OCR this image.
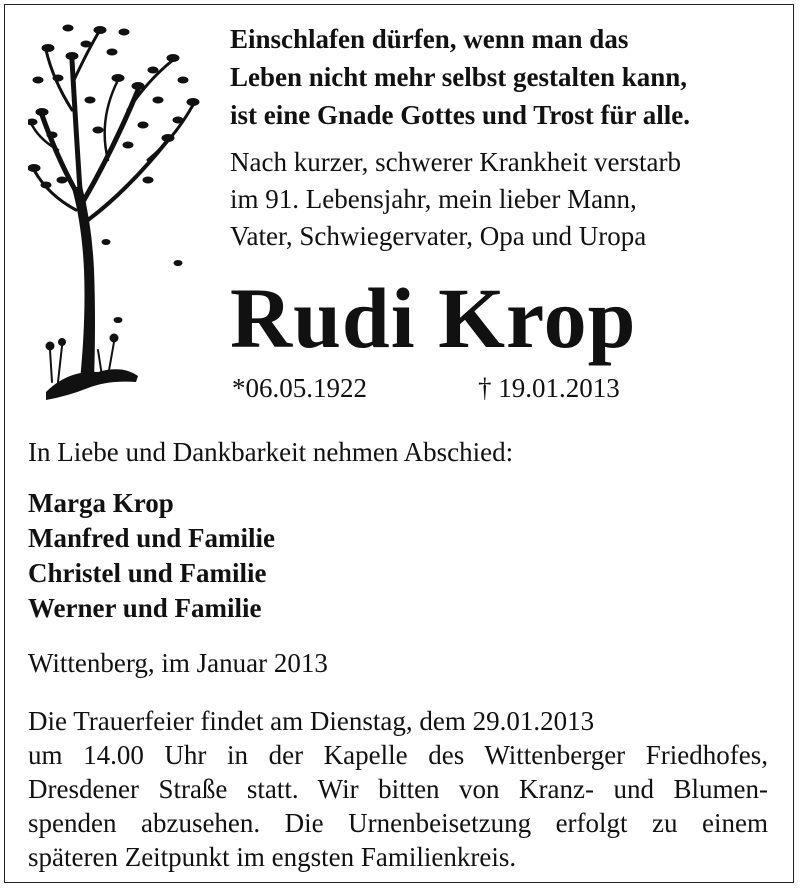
Einschlafen dürfen, wenn man das
Leben nicht mehr selbst gestalten kann,
ist eine Gnade Gottes und Trost für alle.

Nach kurzer, schwerer Krankheit verstarb
im 91. Lebensjahr, mein lieber Mann,
Vater, Schwiegervater, Opa und Uropa

Rudi Krop
*06.05.1922	† 19.01.2013

In Liebe und Dankbarkeit nehmen Abschied:

Marga Krop
Manfred und Familie
Christel und Familie
Werner und Familie

Wittenberg, im Januar 2013

Die Trauerfeier findet am Dienstag, dem 29.01.2013
um 14.00 Uhr in der Kapelle des Wittenberger Friedhofes,
Dresdener Straße statt. Wir bitten von Kranz- und Blumen-
spenden abzusehen. Die Urnenbeisetzung erfolgt zu einem
späteren Zeitpunkt im engsten Familienkreis.
